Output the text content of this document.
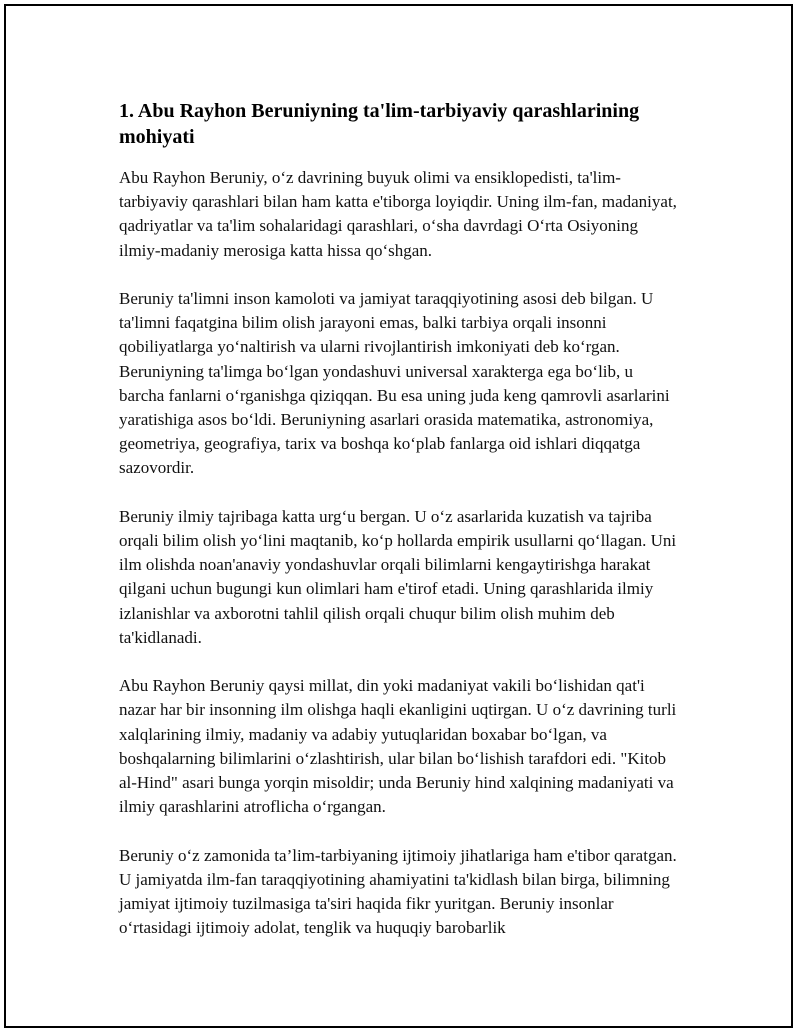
1. Abu Rayhon Beruniyning ta'lim-tarbiyaviy qarashlarining mohiyati

Abu Rayhon Beruniy, oʻz davrining buyuk olimi va ensiklopedisti, ta'lim-tarbiyaviy qarashlari bilan ham katta e'tiborga loyiqdir. Uning ilm-fan, madaniyat, qadriyatlar va ta'lim sohalaridagi qarashlari, oʻsha davrdagi Oʻrta Osiyoning ilmiy-madaniy merosiga katta hissa qoʻshgan.

Beruniy ta'limni inson kamoloti va jamiyat taraqqiyotining asosi deb bilgan. U ta'limni faqatgina bilim olish jarayoni emas, balki tarbiya orqali insonni qobiliyatlarga yoʻnaltirish va ularni rivojlantirish imkoniyati deb koʻrgan. Beruniyning ta'limga boʻlgan yondashuvi universal xarakterga ega boʻlib, u barcha fanlarni oʻrganishga qiziqqan. Bu esa uning juda keng qamrovli asarlarini yaratishiga asos boʻldi. Beruniyning asarlari orasida matematika, astronomiya, geometriya, geografiya, tarix va boshqa koʻplab fanlarga oid ishlari diqqatga sazovordir.

Beruniy ilmiy tajribaga katta urgʻu bergan. U oʻz asarlarida kuzatish va tajriba orqali bilim olish yoʻlini maqtanib, koʻp hollarda empirik usullarni qoʻllagan. Uni ilm olishda noan'anaviy yondashuvlar orqali bilimlarni kengaytirishga harakat qilgani uchun bugungi kun olimlari ham e'tirof etadi. Uning qarashlarida ilmiy izlanishlar va axborotni tahlil qilish orqali chuqur bilim olish muhim deb ta'kidlanadi.

Abu Rayhon Beruniy qaysi millat, din yoki madaniyat vakili boʻlishidan qat'i nazar har bir insonning ilm olishga haqli ekanligini uqtirgan. U oʻz davrining turli xalqlarining ilmiy, madaniy va adabiy yutuqlaridan boxabar boʻlgan, va boshqalarning bilimlarini oʻzlashtirish, ular bilan boʻlishish tarafdori edi. "Kitob al-Hind" asari bunga yorqin misoldir; unda Beruniy hind xalqining madaniyati va ilmiy qarashlarini atroflicha oʻrgangan.

Beruniy oʻz zamonida ta’lim-tarbiyaning ijtimoiy jihatlariga ham e'tibor qaratgan. U jamiyatda ilm-fan taraqqiyotining ahamiyatini ta'kidlash bilan birga, bilimning jamiyat ijtimoiy tuzilmasiga ta'siri haqida fikr yuritgan. Beruniy insonlar oʻrtasidagi ijtimoiy adolat, tenglik va huquqiy barobarlik
